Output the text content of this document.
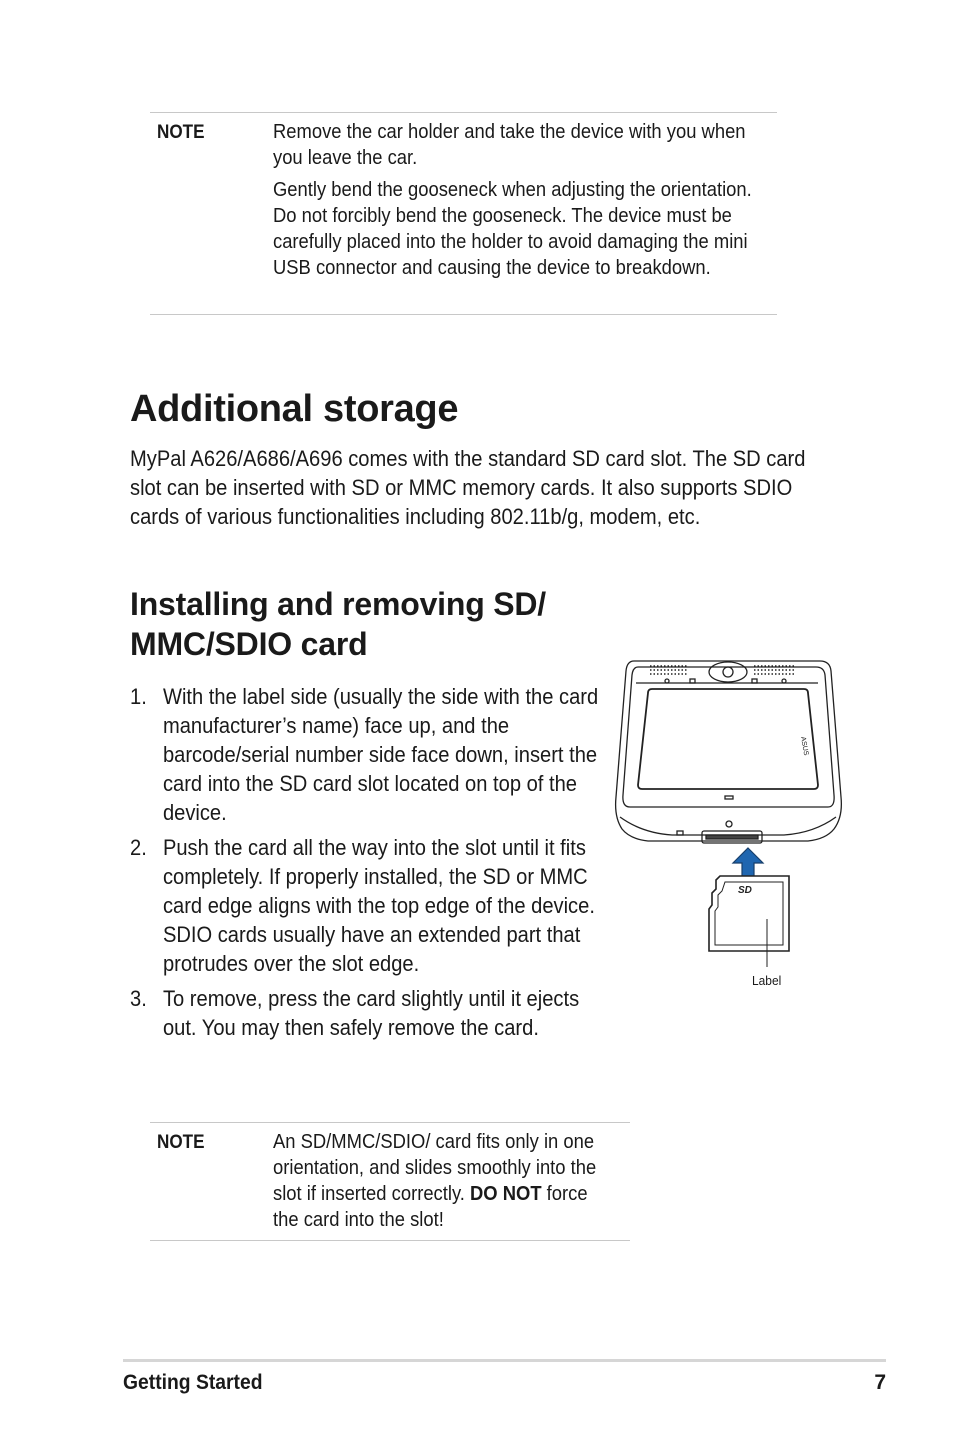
NOTE	Remove the car holder and take the device with you when you leave the car.

Gently bend the gooseneck when adjusting the orientation. Do not forcibly bend the gooseneck. The device must be carefully placed into the holder to avoid damaging the mini USB connector and causing the device to breakdown.

Additional storage

MyPal A626/A686/A696 comes with the standard SD card slot. The SD card slot can be inserted with SD or MMC memory cards. It also supports SDIO cards of various functionalities including 802.11b/g, modem, etc.

Installing and removing SD/ MMC/SDIO card
1. With the label side (usually the side with the card manufacturer’s name) face up, and the barcode/serial number side face down, insert the card into the SD card slot located on top of the device.
2. Push the card all the way into the slot until it fits completely. If properly installed, the SD or MMC card edge aligns with the top edge of the device. SDIO cards usually have an extended part that protrudes over the slot edge.
3. To remove, press the card slightly until it ejects out. You may then safely remove the card.
ASUS
SD
Label
NOTE	An SD/MMC/SDIO/ card fits only in one orientation, and slides smoothly into the slot if inserted correctly. DO NOT force the card into the slot!

Getting Started	7
